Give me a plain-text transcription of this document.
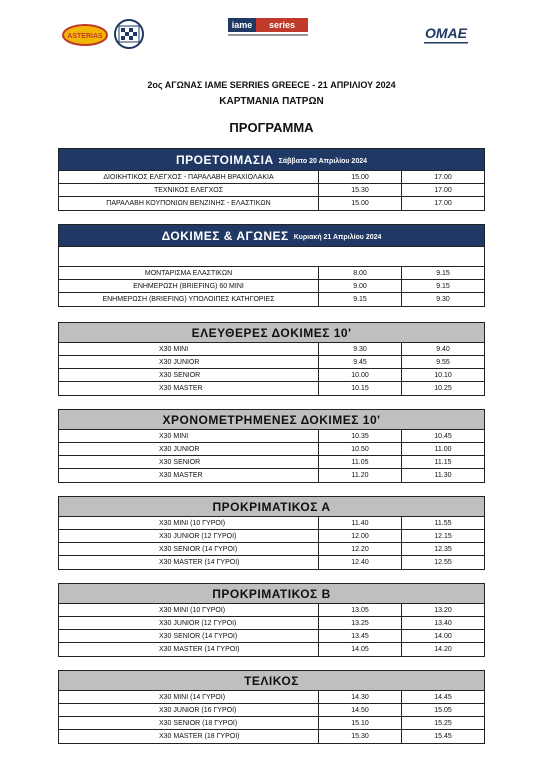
ASTERIAS
iame series	OMAE
2ος ΑΓΩΝΑΣ IAME SERRIES GREECE - 21 ΑΠΡΙΛΙΟΥ 2024
ΚΑΡΤΜΑΝΙΑ ΠΑΤΡΩΝ
ΠΡΟΓΡΑΜΜΑ
ΠΡΟΕΤΟΙΜΑΣΙΑ Σάββατο 20 Απριλίου 2024
ΔΙΟΙΚΗΤΙΚΟΣ ΕΛΕΓΧΟΣ - ΠΑΡΑΛΑΒΗ ΒΡΑΧΙΟΛΑΚΙΑ	15.00	17.00
ΤΕΧΝΙΚΟΣ ΕΛΕΓΧΟΣ	15.30	17.00
ΠΑΡΑΛΑΒΗ ΚΟΥΠΟΝΙΩΝ ΒΕΝΖΙΝΗΣ - ΕΛΑΣΤΙΚΩΝ	15.00	17.00
ΔΟΚΙΜΕΣ & ΑΓΩΝΕΣ Κυριακή 21 Απριλίου 2024
ΜΟΝΤΑΡΙΣΜΑ ΕΛΑΣΤΙΚΩΝ	8.00	9.15
ΕΝΗΜΕΡΩΣΗ (BRIEFING) 60 MINI	9.00	9.15
ΕΝΗΜΕΡΩΣΗ (BRIEFING) ΥΠΟΛΟΙΠΕΣ ΚΑΤΗΓΟΡΙΕΣ	9.15	9.30
ΕΛΕΥΘΕΡΕΣ ΔΟΚΙΜΕΣ 10'
X30 MINI	9.30	9.40
X30 JUNIOR	9.45	9.55
X30 SENIOR	10.00	10.10
X30 MASTER	10.15	10.25
ΧΡΟΝΟΜΕΤΡΗΜΕΝΕΣ ΔΟΚΙΜΕΣ 10'
X30 MINI	10.35	10.45
X30 JUNIOR	10.50	11.00
X30 SENIOR	11.05	11.15
X30 MASTER	11.20	11.30
ΠΡΟΚΡΙΜΑΤΙΚΟΣ Α
X30 MINI (10 ΓΥΡΟΙ)	11.40	11.55
X30 JUNIOR (12 ΓΥΡΟΙ)	12.00	12.15
X30 SENIOR (14 ΓΥΡΟΙ)	12.20	12.35
X30 MASTER (14 ΓΥΡΟΙ)	12.40	12.55
ΠΡΟΚΡΙΜΑΤΙΚΟΣ Β
X30 MINI (10 ΓΥΡΟΙ)	13.05	13.20
X30 JUNIOR (12 ΓΥΡΟΙ)	13.25	13.40
X30 SENIOR (14 ΓΥΡΟΙ)	13.45	14.00
X30 MASTER (14 ΓΥΡΟΙ)	14.05	14.20
ΤΕΛΙΚΟΣ
X30 MINI (14 ΓΥΡΟΙ)	14.30	14.45
X30 JUNIOR (16 ΓΥΡΟΙ)	14.50	15.05
X30 SENIOR (18 ΓΥΡΟΙ)	15.10	15.25
X30 MASTER (18 ΓΥΡΟΙ)	15.30	15.45
